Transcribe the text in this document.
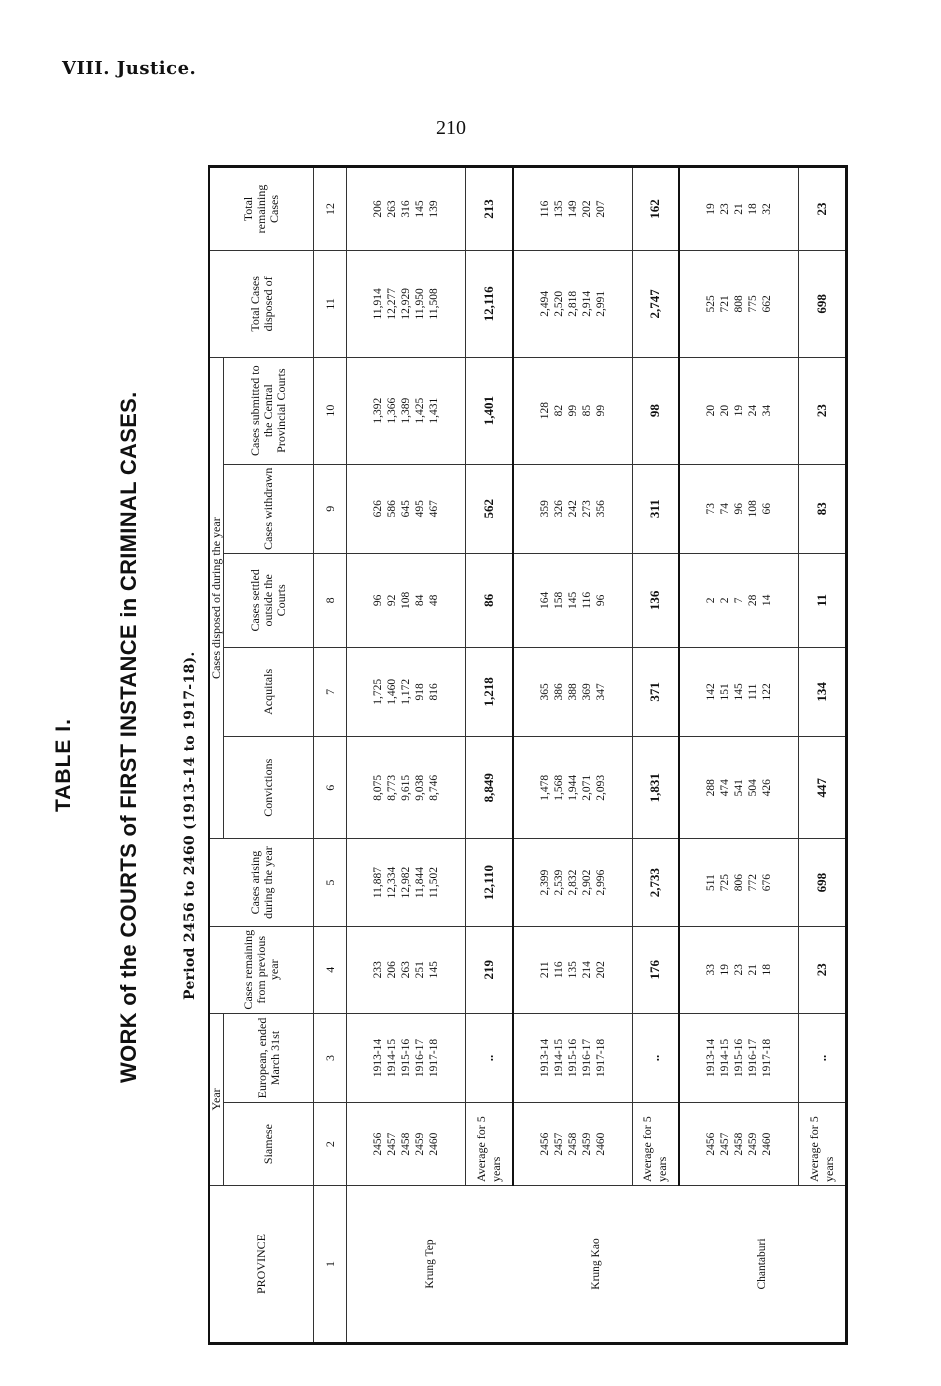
VIII. Justice.
210
TABLE I. WORK of the COURTS of FIRST INSTANCE in CRIMINAL CASES.	Period 2456 to 2460 (1913-14 to 1917-18).
PROVINCE	Year		Cases remaining from previous year	Cases arising during the year	Cases disposed of during the year					Total Cases disposed of	Total remaining Cases
	Siamese	European, ended March 31st			Convictions	Acquitals	Cases settled outside the Courts	Cases withdrawn	Cases submitted to the Central Provincial Courts		
1	2	3	4	5	6	7	8	9	10	11	12
Krung Tep	2456 2457 2458 2459 2460	1913-14 1914-15 1915-16 1916-17 1917-18	233 206 263 251 145	11,887 12,334 12,982 11,844 11,502	8,075 8,773 9,615 9,038 8,746	1,725 1,460 1,172 918 816	96 92 108 84 48	626 586 645 495 467	1,392 1,366 1,389 1,425 1,431	11,914 12,277 12,929 11,950 11,508	206 263 316 145 139

	Average for 5 years	..	219	12,110	8,849	1,218	86	562	1,401	12,116	213
Krung Kao	2456 2457 2458 2459 2460	1913-14 1914-15 1915-16 1916-17 1917-18	211 116 135 214 202	2,399 2,539 2,832 2,902 2,996	1,478 1,568 1,944 2,071 2,093	365 386 388 369 347	164 158 145 116 96	359 326 242 273 356	128 82 99 85 99	2,494 2,520 2,818 2,914 2,991	116 135 149 202 207

	Average for 5 years	..	176	2,733	1,831	371	136	311	98	2,747	162
Chantaburi	2456 2457 2458 2459 2460	1913-14 1914-15 1915-16 1916-17 1917-18	33 19 23 21 18	511 725 806 772 676	288 474 541 504 426	142 151 145 111 122	2 2 7 28 14	73 74 96 108 66	20 20 19 24 34	525 721 808 775 662	19 23 21 18 32

	Average for 5 years	..	23	698	447	134	11	83	23	698	23
